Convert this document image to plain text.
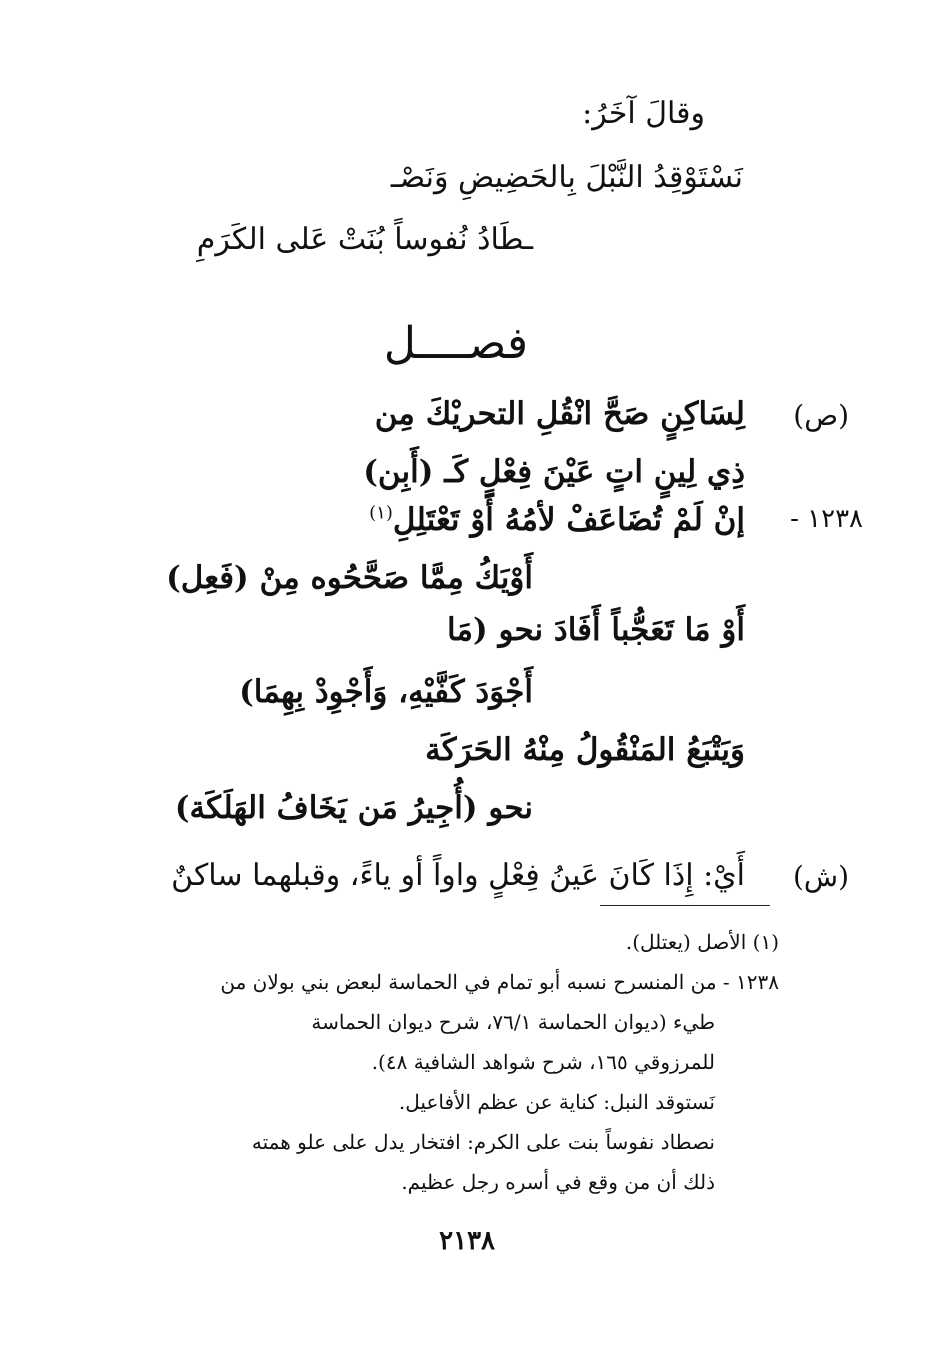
وقالَ آخَرُ:
نَسْتَوْقِدُ النَّبْلَ بِالحَضِيضِ وَنَصْـ
ـطَادُ نُفوساً بُنَتْ عَلى الكَرَمِ
فصــــل
(ص)
لِسَاكِنٍ صَحَّ انْقُلِ التحريْكَ مِن
ذِي لِينٍ اتٍ عَيْنَ فِعْلٍ كَـ (أَبِن)
١٢٣٨ -
إنْ لَمْ تُضَاعَفْ لأمُهُ أَوْ تَعْتَلِلِ$^{(١)}$
أَوْيَكُ مِمَّا صَحَّحُوه مِنْ (فَعِل)
أَوْ مَا تَعَجُّباً أَفَادَ نحو (مَا
أَجْوَدَ كَفَّيْهِ، وَأَجْوِدْ بِهِمَا)
وَيَتْبَعُ المَنْقُولُ مِنْهُ الحَرَكَة
نحو (أُجِيرُ مَن يَخَافُ الهَلَكَة)
(ش)
أَيْ: إِذَا كَانَ عَينُ فِعْلٍ واواً أو ياءً، وقبلهما ساكنٌ
(١) الأصل (يعتلل).
١٢٣٨ - من المنسرح نسبه أبو تمام في الحماسة لبعض بني بولان من
طيء (ديوان الحماسة ٧٦/١، شرح ديوان الحماسة
للمرزوقي ١٦٥، شرح شواهد الشافية ٤٨).
نَستوقد النبل: كناية عن عظم الأفاعيل.
نصطاد نفوساً بنت على الكرم: افتخار يدل على علو همته
ذلك أن من وقع في أسره رجل عظيم.
٢١٣٨
